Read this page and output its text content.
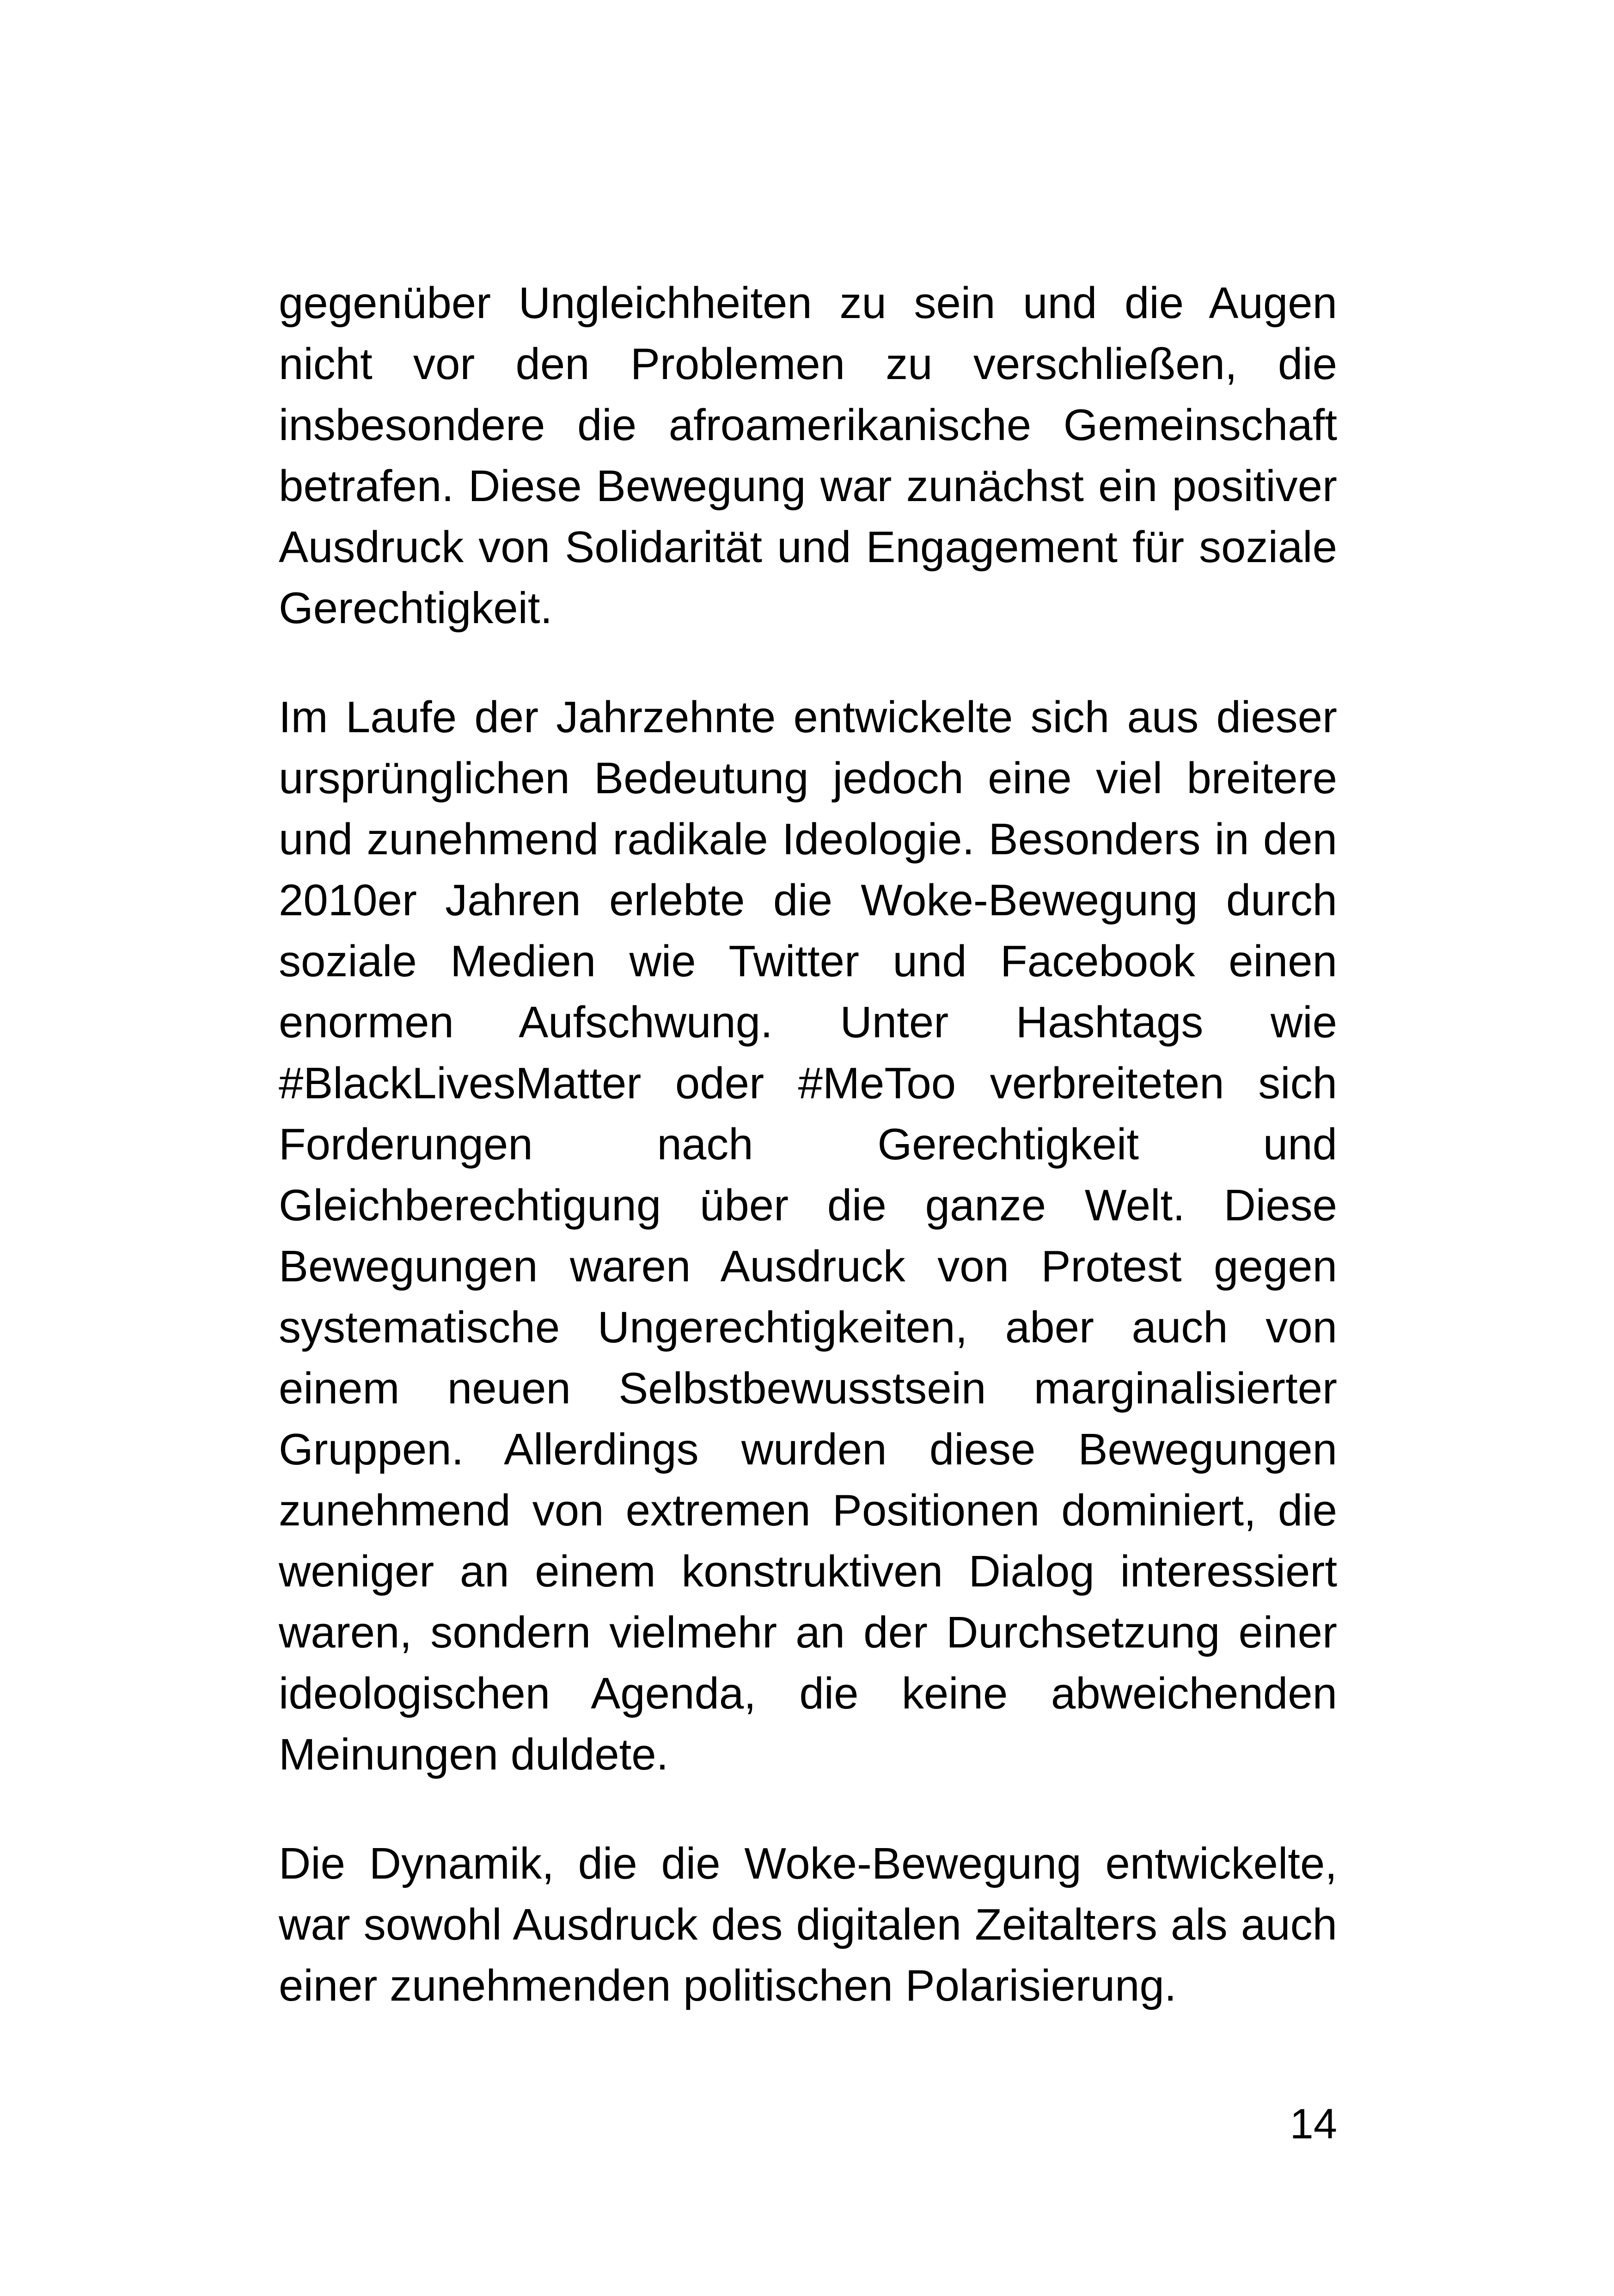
gegenüber Ungleichheiten zu sein und die Augen nicht vor den Problemen zu verschließen, die insbesondere die afroamerikanische Gemeinschaft betrafen. Diese Bewegung war zunächst ein positiver Ausdruck von Solidarität und Engagement für soziale Gerechtigkeit.

Im Laufe der Jahrzehnte entwickelte sich aus dieser ursprünglichen Bedeutung jedoch eine viel breitere und zunehmend radikale Ideologie. Besonders in den 2010er Jahren erlebte die Woke-Bewegung durch soziale Medien wie Twitter und Facebook einen enormen Aufschwung. Unter Hashtags wie #BlackLivesMatter oder #MeToo verbreiteten sich Forderungen nach Gerechtigkeit und Gleichberechtigung über die ganze Welt. Diese Bewegungen waren Ausdruck von Protest gegen systematische Ungerechtigkeiten, aber auch von einem neuen Selbstbewusstsein marginalisierter Gruppen. Allerdings wurden diese Bewegungen zunehmend von extremen Positionen dominiert, die weniger an einem konstruktiven Dialog interessiert waren, sondern vielmehr an der Durchsetzung einer ideologischen Agenda, die keine abweichenden Meinungen duldete.

Die Dynamik, die die Woke-Bewegung entwickelte, war sowohl Ausdruck des digitalen Zeitalters als auch einer zunehmenden politischen Polarisierung.

14
